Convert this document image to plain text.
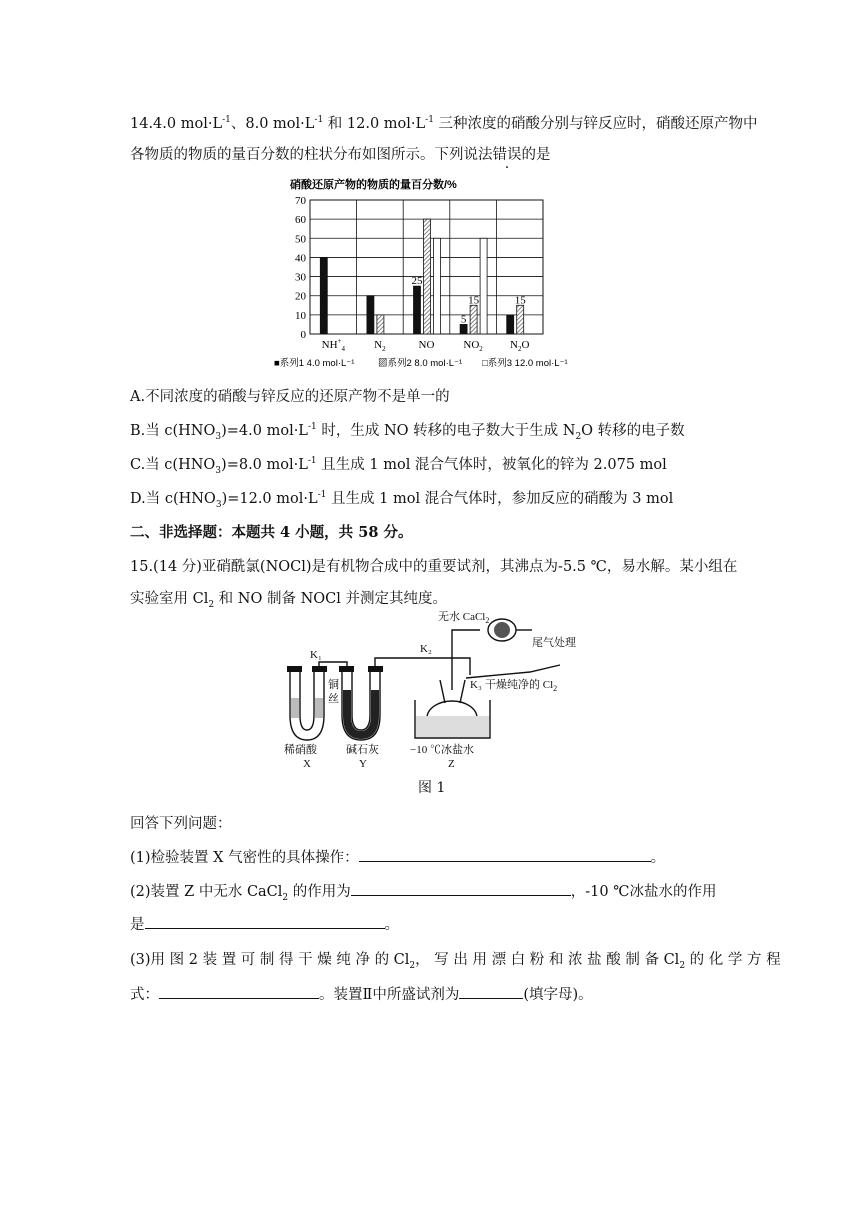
14.4.0 $mol\cdot L^{-1}$、8.0 $mol\cdot L^{-1}$ 和 12.0 $mol\cdot L^{-1}$ 三种浓度的硝酸分别与锌反应时，硝酸还原产物中
各物质的物质的量百分数的柱状分布如图所示。下列说法错误的是
硝酸还原产物的物质的量百分数/%
0
10
20
30
40
50
60
70
$NH^+_4$	$N_2$	NO	$NO_2$ $N_2O$
25
5
15	15
■系列1 4.0 mol·L⁻¹ ▨系列2 8.0 mol·L⁻¹ □系列3 12.0 mol·L⁻¹
A.不同浓度的硝酸与锌反应的还原产物不是单一的
B.当 $c(HNO_3)=4.0$ $mol\cdot L^{-1}$ 时，生成 NO 转移的电子数大于生成 $N_2O$ 转移的电子数
C.当 $c(HNO_3)=8.0$ $mol\cdot L^{-1}$ 且生成 1 mol 混合气体时，被氧化的锌为 2.075 mol
D.当 $c(HNO_3)=12.0$ $mol\cdot L^{-1}$ 且生成 1 mol 混合气体时，参加反应的硝酸为 3 mol
二、非选择题：本题共 4 小题，共 58 分。
15.(14 分)亚硝酰氯(NOCl)是有机物合成中的重要试剂，其沸点为-5.5 ℃，易水解。某小组在
实验室用 $Cl_2$ 和 NO 制备 NOCl 并测定其纯度。
无水 CaCl$_2$
尾气处理
K₁	K₂
K₃ 干燥纯净的 $Cl_2$
铜
丝
稀硝酸
X
碱石灰
Y
−10 ℃冰盐水
Z
图 1
回答下列问题：
(1)检验装置 X 气密性的具体操作：	。
(2)装置 Z 中无水 CaCl$_2$ 的作用为	，-10 ℃冰盐水的作用
是	。
(3)用 图 2 装 置 可 制 得 干 燥 纯 净 的 $Cl_2$， 写 出 用 漂 白 粉 和 浓 盐 酸 制 备 $Cl_2$ 的 化 学 方 程
式：	。装置Ⅱ中所盛试剂为	(填字母)。
